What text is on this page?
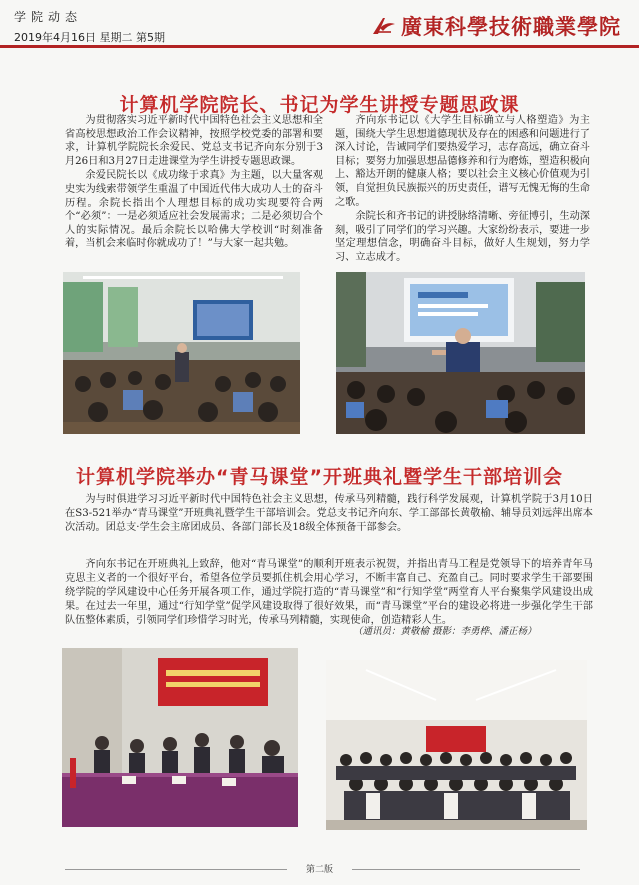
学院动态
2019年4月16日 星期二 第5期	廣東科學技術職業學院
计算机学院院长、书记为学生讲授专题思政课

为贯彻落实习近平新时代中国特色社会主义思想和全省高校思想政治工作会议精神，按照学校党委的部署和要求，计算机学院院长余爱民、党总支书记齐向东分别于3月26日和3月27日走进课堂为学生讲授专题思政课。

余爱民院长以《成功缘于求真》为主题，以大量客观史实为线索带领学生重温了中国近代伟大成功人士的奋斗历程。余院长指出个人理想目标的成功实现要符合两个“必须”：一是必须适应社会发展需求；二是必须切合个人的实际情况。最后余院长以哈佛大学校训“时刻准备着，当机会来临时你就成功了！”与大家一起共勉。

齐向东书记以《大学生目标确立与人格塑造》为主题，围绕大学生思想道德现状及存在的困惑和问题进行了深入讨论，告诫同学们要热爱学习，志存高远，确立奋斗目标；要努力加强思想品德修养和行为磨炼，塑造积极向上、豁达开朗的健康人格；要以社会主义核心价值观为引领，自觉担负民族振兴的历史责任，谱写无愧无悔的生命之歌。

余院长和齐书记的讲授脉络清晰、旁征博引，生动深刻，吸引了同学们的学习兴趣。大家纷纷表示，要进一步坚定理想信念，明确奋斗目标，做好人生规划，努力学习、立志成才。

计算机学院举办“青马课堂”开班典礼暨学生干部培训会

为与时俱进学习习近平新时代中国特色社会主义思想，传承马列精髓，践行科学发展观，计算机学院于3月10日在S3-521举办“青马课堂”开班典礼暨学生干部培训会。党总支书记齐向东、学工部部长黄敬榆、辅导员刘远萍出席本次活动。团总支·学生会主席团成员、各部门部长及18级全体预备干部参会。

齐向东书记在开班典礼上致辞，他对“青马课堂”的顺利开班表示祝贺，并指出青马工程是党领导下的培养青年马克思主义者的一个很好平台，希望各位学员要抓住机会用心学习，不断丰富自己、充盈自己。同时要求学生干部要围绕学院的学风建设中心任务开展各项工作，通过学院打造的“青马课堂”和“行知学堂”两堂育人平台聚集学风建设出成果。在过去一年里，通过“行知学堂”促学风建设取得了很好效果，而“青马课堂”平台的建设必将进一步强化学生干部队伍整体素质，引领同学们珍惜学习时光，传承马列精髓，实现使命，创造精彩人生。

（通讯员：黄敬榆 摄影：李勇桦、潘正杨）
第二版
